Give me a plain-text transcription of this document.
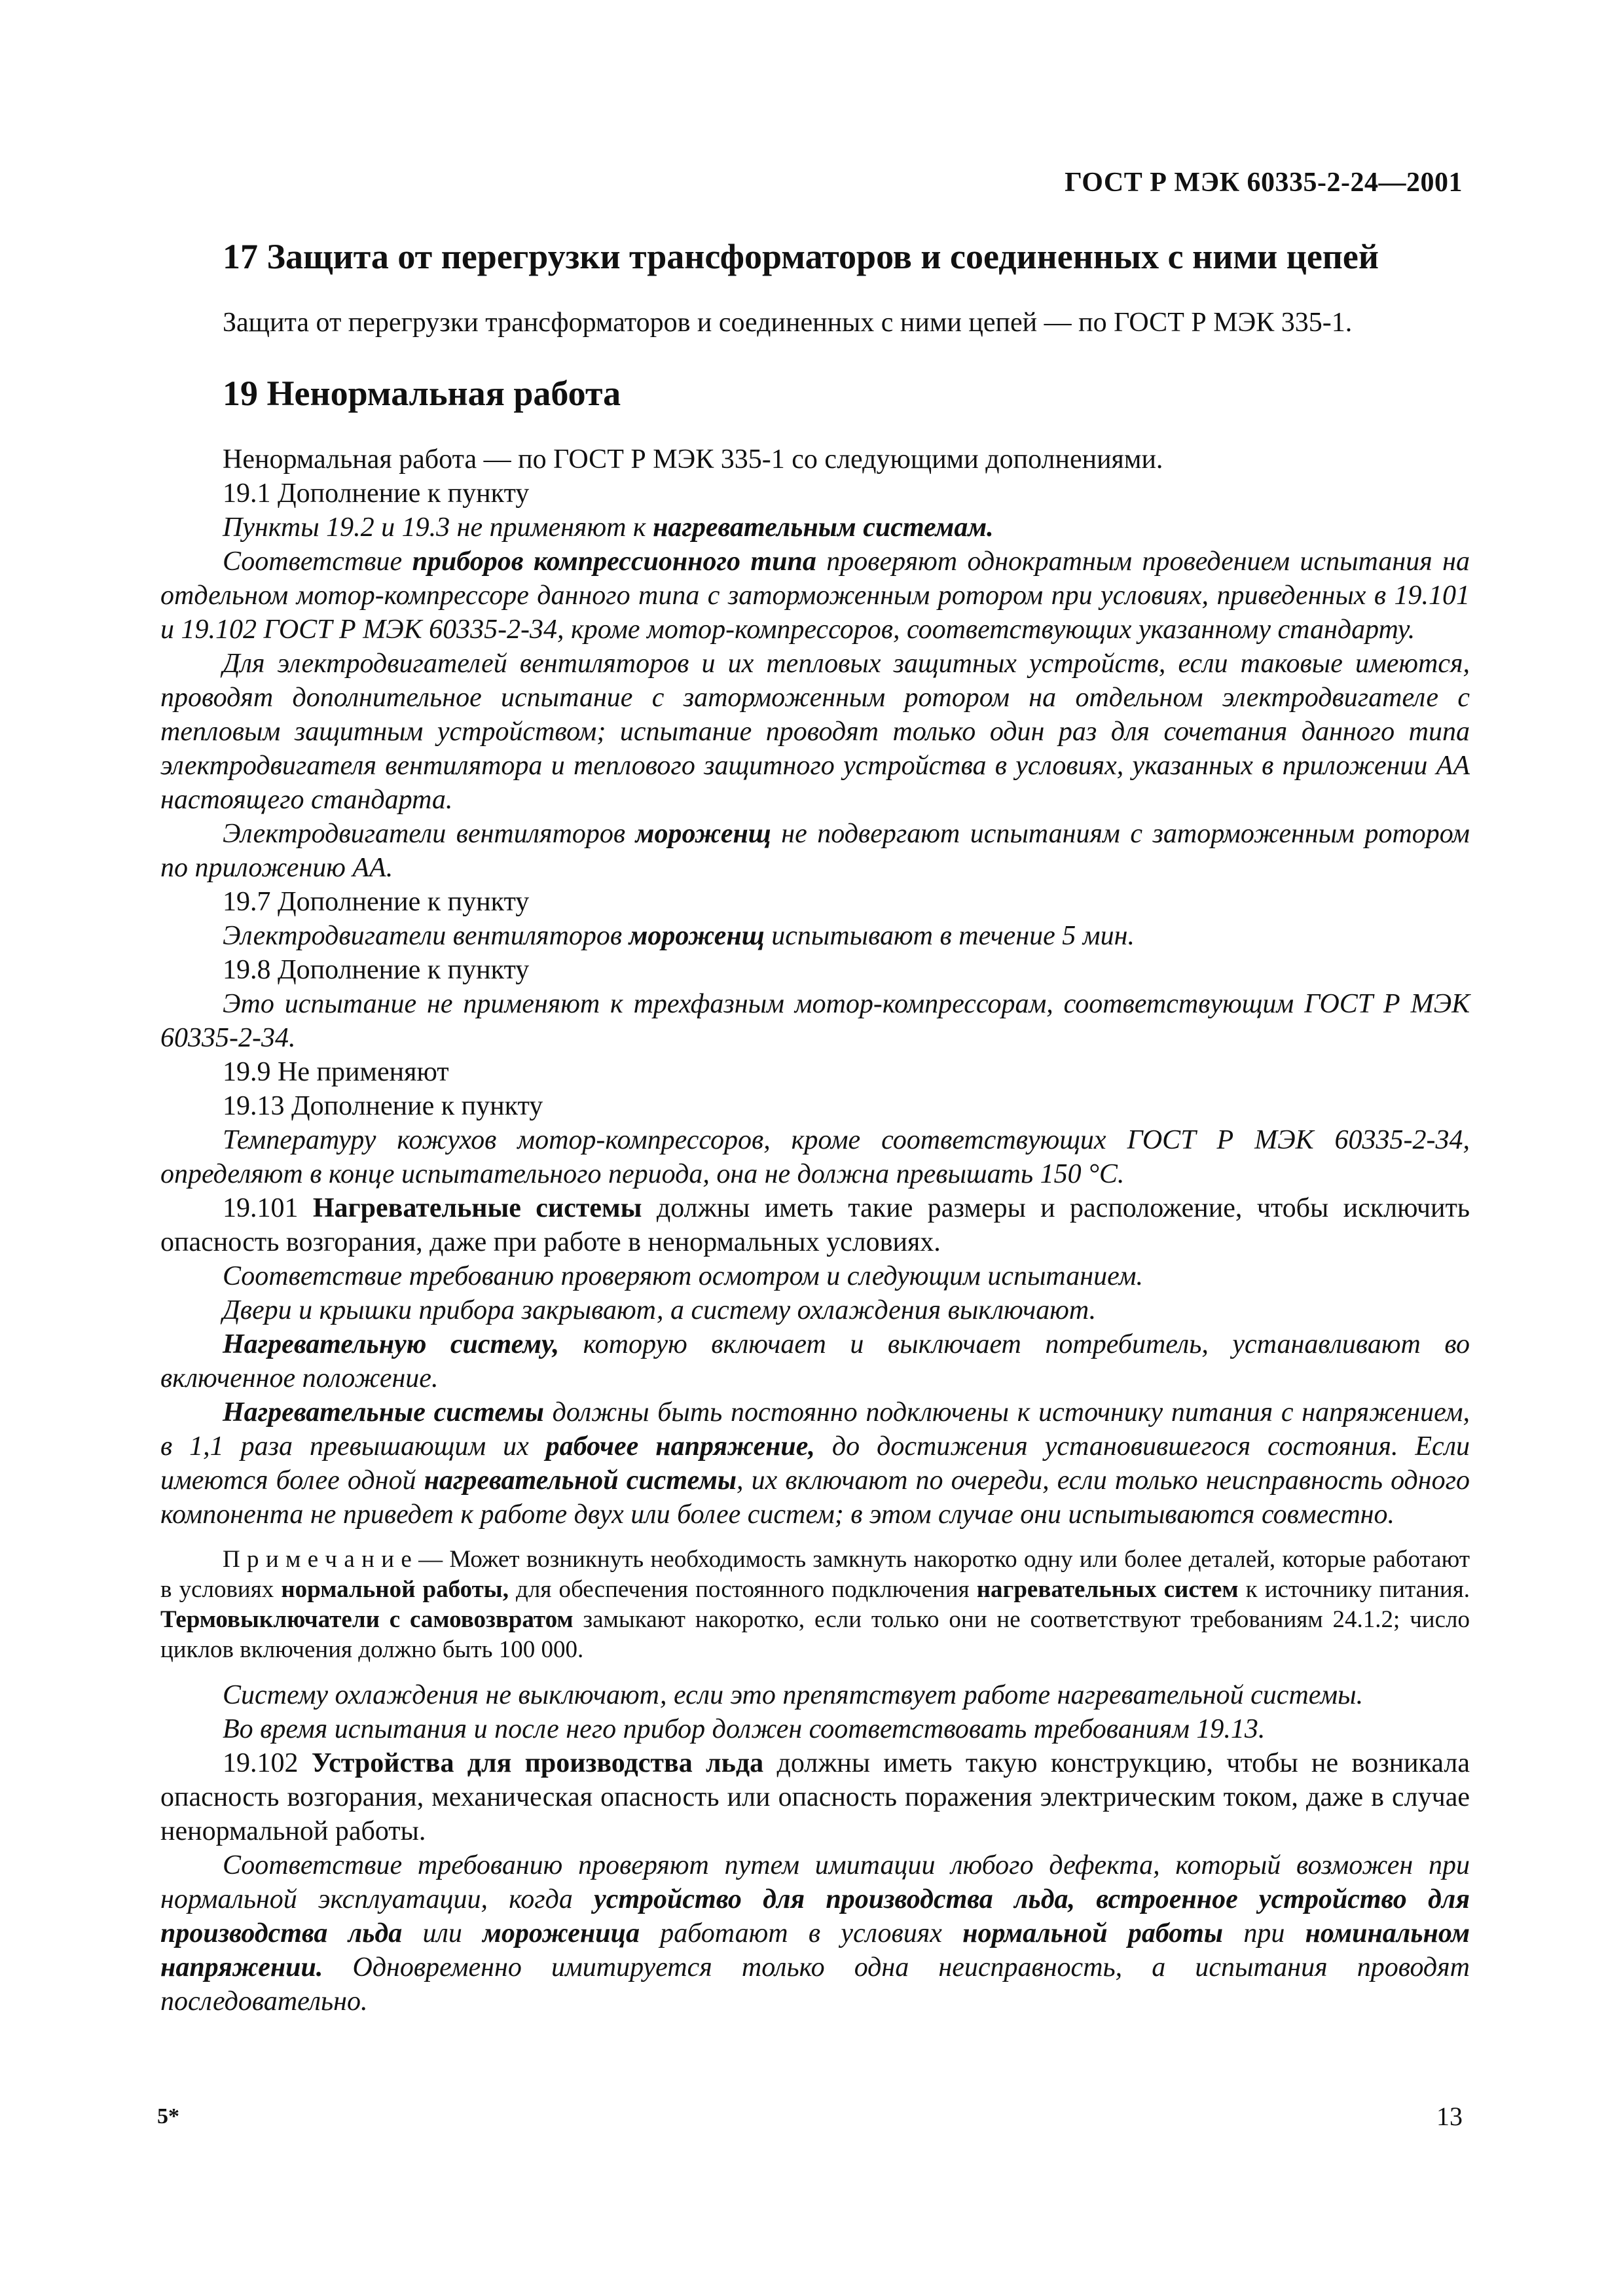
ГОСТ Р МЭК 60335-2-24—2001
17 Защита от перегрузки трансформаторов и соединенных с ними цепей

Защита от перегрузки трансформаторов и соединенных с ними цепей — по ГОСТ Р МЭК 335-1.

19 Ненормальная работа

Ненормальная работа — по ГОСТ Р МЭК 335-1 со следующими дополнениями.

19.1 Дополнение к пункту

Пункты 19.2 и 19.3 не применяют к нагревательным системам.

Соответствие приборов компрессионного типа проверяют однократным проведением испытания на отдельном мотор-компрессоре данного типа с заторможенным ротором при условиях, приведенных в 19.101 и 19.102 ГОСТ Р МЭК 60335-2-34, кроме мотор-компрессоров, соответствующих указанному стандарту.

Для электродвигателей вентиляторов и их тепловых защитных устройств, если таковые имеются, проводят дополнительное испытание с заторможенным ротором на отдельном электродвигателе с тепловым защитным устройством; испытание проводят только один раз для сочетания данного типа электродвигателя вентилятора и теплового защитного устройства в условиях, указанных в приложении АА настоящего стандарта.

Электродвигатели вентиляторов мороженщ не подвергают испытаниям с заторможенным ротором по приложению АА.

19.7 Дополнение к пункту

Электродвигатели вентиляторов мороженщ испытывают в течение 5 мин.

19.8 Дополнение к пункту

Это испытание не применяют к трехфазным мотор-компрессорам, соответствующим ГОСТ Р МЭК 60335-2-34.

19.9 Не применяют

19.13 Дополнение к пункту

Температуру кожухов мотор-компрессоров, кроме соответствующих ГОСТ Р МЭК 60335-2-34, определяют в конце испытательного периода, она не должна превышать 150 °С.

19.101 Нагревательные системы должны иметь такие размеры и расположение, чтобы исключить опасность возгорания, даже при работе в ненормальных условиях.

Соответствие требованию проверяют осмотром и следующим испытанием.

Двери и крышки прибора закрывают, а систему охлаждения выключают.

Нагревательную систему, которую включает и выключает потребитель, устанавливают во включенное положение.

Нагревательные системы должны быть постоянно подключены к источнику питания с напряжением, в 1,1 раза превышающим их рабочее напряжение, до достижения установившегося состояния. Если имеются более одной нагревательной системы, их включают по очереди, если только неисправность одного компонента не приведет к работе двух или более систем; в этом случае они испытываются совместно.

П р и м е ч а н и е — Может возникнуть необходимость замкнуть накоротко одну или более деталей, которые работают в условиях нормальной работы, для обеспечения постоянного подключения нагревательных систем к источнику питания. Термовыключатели с самовозвратом замыкают накоротко, если только они не соответствуют требованиям 24.1.2; число циклов включения должно быть 100 000.

Систему охлаждения не выключают, если это препятствует работе нагревательной системы.

Во время испытания и после него прибор должен соответствовать требованиям 19.13.

19.102 Устройства для производства льда должны иметь такую конструкцию, чтобы не возникала опасность возгорания, механическая опасность или опасность поражения электрическим током, даже в случае ненормальной работы.

Соответствие требованию проверяют путем имитации любого дефекта, который возможен при нормальной эксплуатации, когда устройство для производства льда, встроенное устройство для производства льда или мороженица работают в условиях нормальной работы при номинальном напряжении. Одновременно имитируется только одна неисправность, а испытания проводят последовательно.

5*	13
